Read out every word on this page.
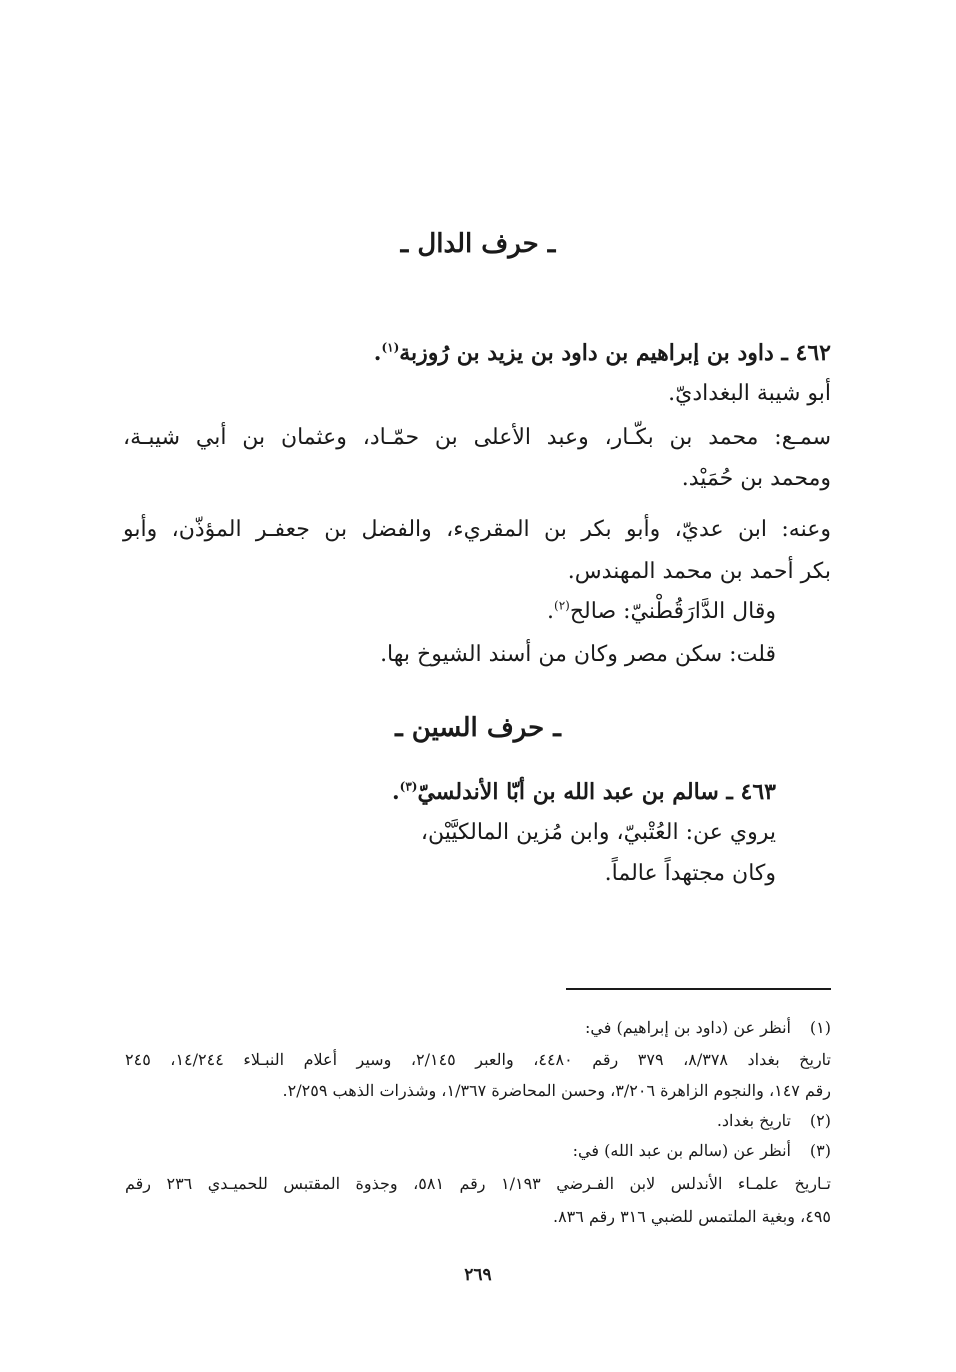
ـ حرف الدال ـ
٤٦٢ ـ داود بن إبراهيم بن داود بن يزيد بن رُوزبة$^{(١)}$.
أبو شيبة البغداديّ.
سمـع: محمد بن بكّـار، وعبد الأعلى بن حمّـاد، وعثمان بن أبي شيبـة،
ومحمد بن حُمَيْد.
وعنه: ابن عديّ، وأبو بكر بن المقريء، والفضل بن جعفـر المؤذّن، وأبو
بكر أحمد بن محمد المهندس.
وقال الدَّارَقُطْنيّ: صالح$^{(٢)}$.
قلت: سكن مصر وكان من أسند الشيوخ بها.
ـ حرف السين ـ
٤٦٣ ـ سالم بن عبد الله بن أبّا الأندلسيّ$^{(٣)}$.
يروي عن: العُتْبيّ، وابن مُزين المالكيَّيْن،
وكان مجتهداً عالماً.
(١)أنظر عن (داود بن إبراهيم) في:
تاريخ بغداد ٨/٣٧٨، ٣٧٩ رقم ٤٤٨٠، والعبر ٢/١٤٥، وسير أعلام النبـلاء ١٤/٢٤٤، ٢٤٥
رقم ١٤٧، والنجوم الزاهرة ٣/٢٠٦، وحسن المحاضرة ١/٣٦٧، وشذرات الذهب ٢/٢٥٩.
(٢)تاريخ بغداد.
(٣)أنظر عن (سالم بن عبد الله) في:
تـاريخ علمـاء الأندلس لابن الفـرضي ١/١٩٣ رقم ٥٨١، وجذوة المقتبس للحميـدي ٢٣٦ رقم
٤٩٥، وبغية الملتمس للضبي ٣١٦ رقم ٨٣٦.
٢٦٩
